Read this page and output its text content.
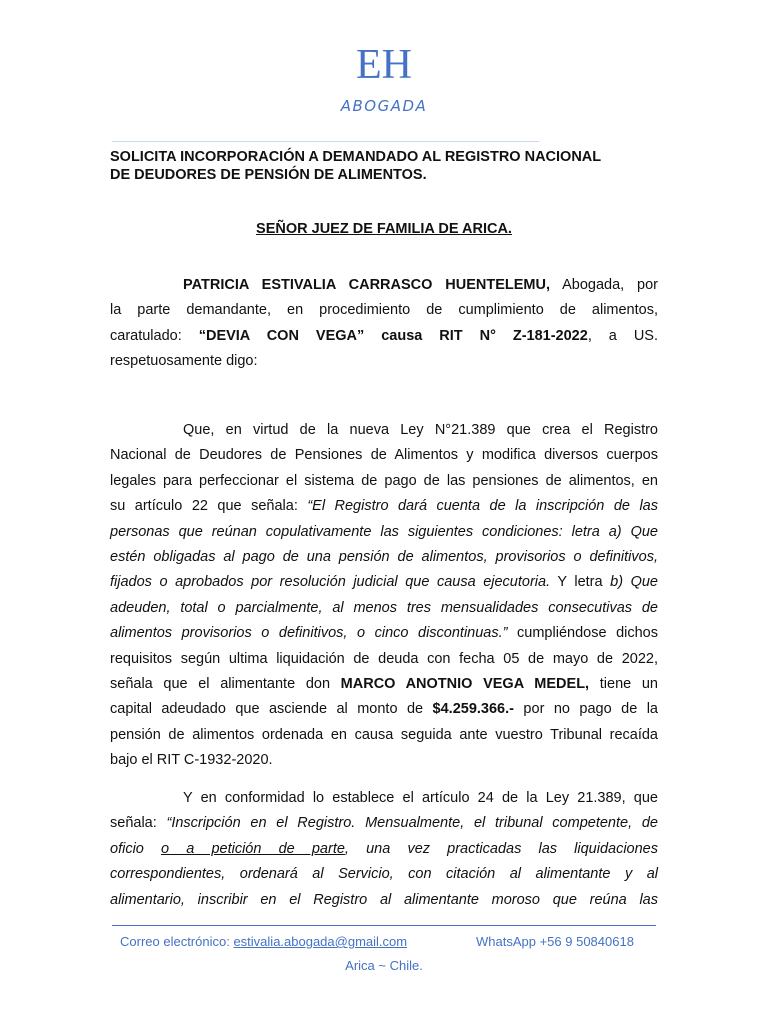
EH
ABOGADA
________________________________________________________________
SOLICITA INCORPORACIÓN A DEMANDADO AL REGISTRO NACIONAL
DE DEUDORES DE PENSIÓN DE ALIMENTOS.
SEÑOR JUEZ DE FAMILIA DE ARICA.
PATRICIA ESTIVALIA CARRASCO HUENTELEMU, Abogada, por
la parte demandante, en procedimiento de cumplimiento de alimentos,
caratulado: “DEVIA CON VEGA” causa RIT N° Z-181-2022, a US.
respetuosamente digo:
Que, en virtud de la nueva Ley N°21.389 que crea el Registro
Nacional de Deudores de Pensiones de Alimentos y modifica diversos cuerpos
legales para perfeccionar el sistema de pago de las pensiones de alimentos, en
su artículo 22 que señala: “El Registro dará cuenta de la inscripción de las
personas que reúnan copulativamente las siguientes condiciones: letra a) Que
estén obligadas al pago de una pensión de alimentos, provisorios o definitivos,
fijados o aprobados por resolución judicial que causa ejecutoria. Y letra b) Que
adeuden, total o parcialmente, al menos tres mensualidades consecutivas de
alimentos provisorios o definitivos, o cinco discontinuas.” cumpliéndose dichos
requisitos según ultima liquidación de deuda con fecha 05 de mayo de 2022,
señala que el alimentante don MARCO ANOTNIO VEGA MEDEL, tiene un
capital adeudado que asciende al monto de $4.259.366.- por no pago de la
pensión de alimentos ordenada en causa seguida ante vuestro Tribunal recaída
bajo el RIT C-1932-2020.
Y en conformidad lo establece el artículo 24 de la Ley 21.389, que
señala: “Inscripción en el Registro. Mensualmente, el tribunal competente, de
oficio o a petición de parte, una vez practicadas las liquidaciones
correspondientes, ordenará al Servicio, con citación al alimentante y al
alimentario, inscribir en el Registro al alimentante moroso que reúna las
Correo electrónico: estivalia.abogada@gmail.com	WhatsApp +56 9 50840618
Arica ~ Chile.
